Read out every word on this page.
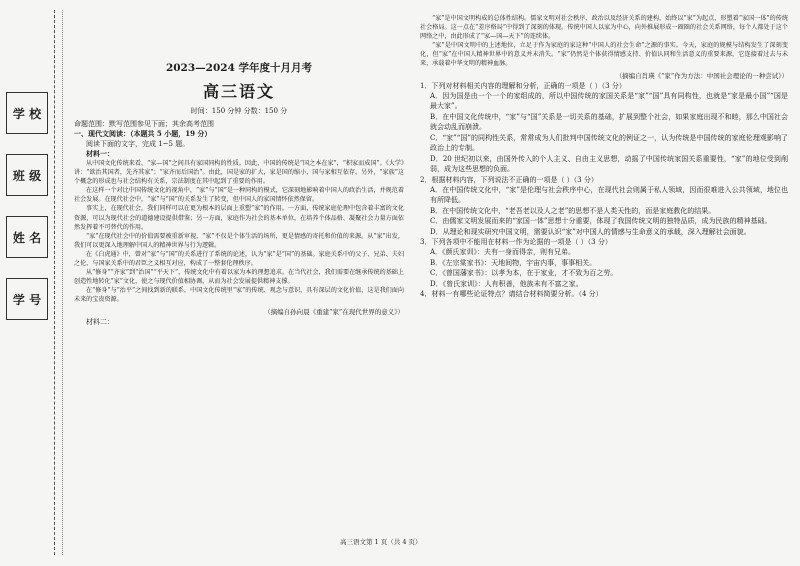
学 校
班 级
姓 名
学 号
2023—2024 学年度十月月考
高三语文
时间：150 分钟 分数：150 分

命题范围：默写范围参见下面；其余高考范围

一、现代文阅读：（本题共 5 小题，19 分）

阅读下面的文字，完成 1~5 题。

材料一：

从中国文化传统来看，“家—国”之间具有家国同构的性质。因此，中国的传统是“国之本在家”，“积家而成国”。《大学》讲：“欲治其国者，先齐其家”；“家齐而后国治”。由此，国是家的扩大，家是国的缩小，国与家相互依存。另外，“家族”这个概念的形成也与社会结构有关系，宗法制度在其中起到了重要的作用。

在这样一个对比中国传统文化的视角中，“家”与“国”是一种同构的模式，它深刻地影响着中国人的政治生活，并规范着社会发展。在现代社会中，“家”与“国”的关系发生了转变，但中国人的家国情怀依然保留。

事实上，在现代社会，我们同样可以在更为根本的层面上重塑“家”的作用。一方面，传统家庭伦理中包含着丰富的文化资源，可以为现代社会的道德建设提供借鉴；另一方面，家庭作为社会的基本单位，在培养个体品格、凝聚社会力量方面依然发挥着不可替代的作用。

“家”在现代社会中的价值需要被重新审视，“家”不仅是个体生活的场所，更是情感的寄托和价值的来源。从“家”出发，我们可以更深入地理解中国人的精神世界与行为逻辑。

在《白虎通》中，曾对“家”与“国”的关系进行了系统的论述，认为“家”是“国”的基础。家庭关系中的父子、兄弟、夫妇之伦，与国家关系中的君臣之义相互对应，构成了一整套伦理秩序。

从“修身”“齐家”到“治国”“平天下”，传统文化中有着以家为本的理想追求。在当代社会，我们需要在继承传统的基础上创造性地转化“家”文化，使之与现代价值相协调，从而为社会发展提供精神支撑。

在“修身”与“治平”之间找到新的联系，中国文化传统里“家”的传统、观念与意识，具有深层的文化价值，这是我们面向未来的宝贵资源。

（摘编自孙向晨《重建“家”在现代世界的意义》）

材料二：

“家”是中国文明构成的总体性结构。儒家文明对社会秩序、政治以及经济关系的建构，始终以“家”为起点，形塑着“家国一体”的传统社会格局。这一点在“差序格局”中得到了深刻的体现。传统中国人以家为中心，向外推展形成一圈圈的社会关系网络，每个人都处于这个网络之中，由此形成了“家—国—天下”的连续体。

“家”是中国文明中的上述地位，立足于作为家庭的家这种“中国人的社会生命”之源的事实。今天，家庭的规模与结构发生了深刻变化，但“家”在中国人精神世界中的意义并未消失。“家”仍然是个体获得情感支持、价值认同和生活意义的重要来源，它连接着过去与未来，承载着中华文明的精神血脉。

（摘编自肖瑛《“家”作为方法：中国社会理论的一种尝试》）

1．下列对材料相关内容的理解和分析，正确的一项是（ ）（3 分）

A．因为国是由一个一个的家组成的，所以中国传统的家国关系是“家”“国”具有同构性，也就是“家是最小国”“国是最大家”。

B．在中国文化传统中，“家”与“国”关系是一切关系的基础，扩展到整个社会，如果家庭出现不和睦，那么中国社会就会动乱而崩溃。

C．“家”“国”的同构性关系，常常成为人们批判中国传统文化的例证之一，认为传统是中国传统的家庭伦理观影响了政治上的专制。

D．20 世纪初以来，由国外传入的个人主义、自由主义思想，动摇了中国传统家国关系重要性，“家”的地位受到削弱，成为这些思想的负面。

2．根据材料内容，下列说法不正确的一项是（ ）（3 分）

A．在中国传统文化中，“家”是伦理与社会秩序中心，在现代社会则属于私人领域，因而很难进入公共领域，地位也有所降低。

B．在中国传统文化中，“老吾老以及人之老”的思想不是人类天性的，而是家庭教化的结果。

C．由儒家文明发展而来的“家国一体”思想十分重要，体现了我国传统文明的独特品质，成为民族的精神基础。

D．从理论和现实研究中国文明，需要认识“家”对中国人的情感与生命意义的承载，深入理解社会面貌。

3．下列各项中不能用在材料一作为论据的一项是（ ）（3 分）

A．《颜氏家训》：夫有一身而得亲，则有兄弟。

B．《左宗棠家书》：天地间物，宇宙内事，事事相关。

C．《曾国藩家书》：以孝为本，在于家业，才不致为百之劳。

D．《曾氏家训》：人有积善，他族未有不富之家。

4．材料一有哪些论证特点？请结合材料简要分析。（4 分）

高三语文第 1 页（共 4 页）
